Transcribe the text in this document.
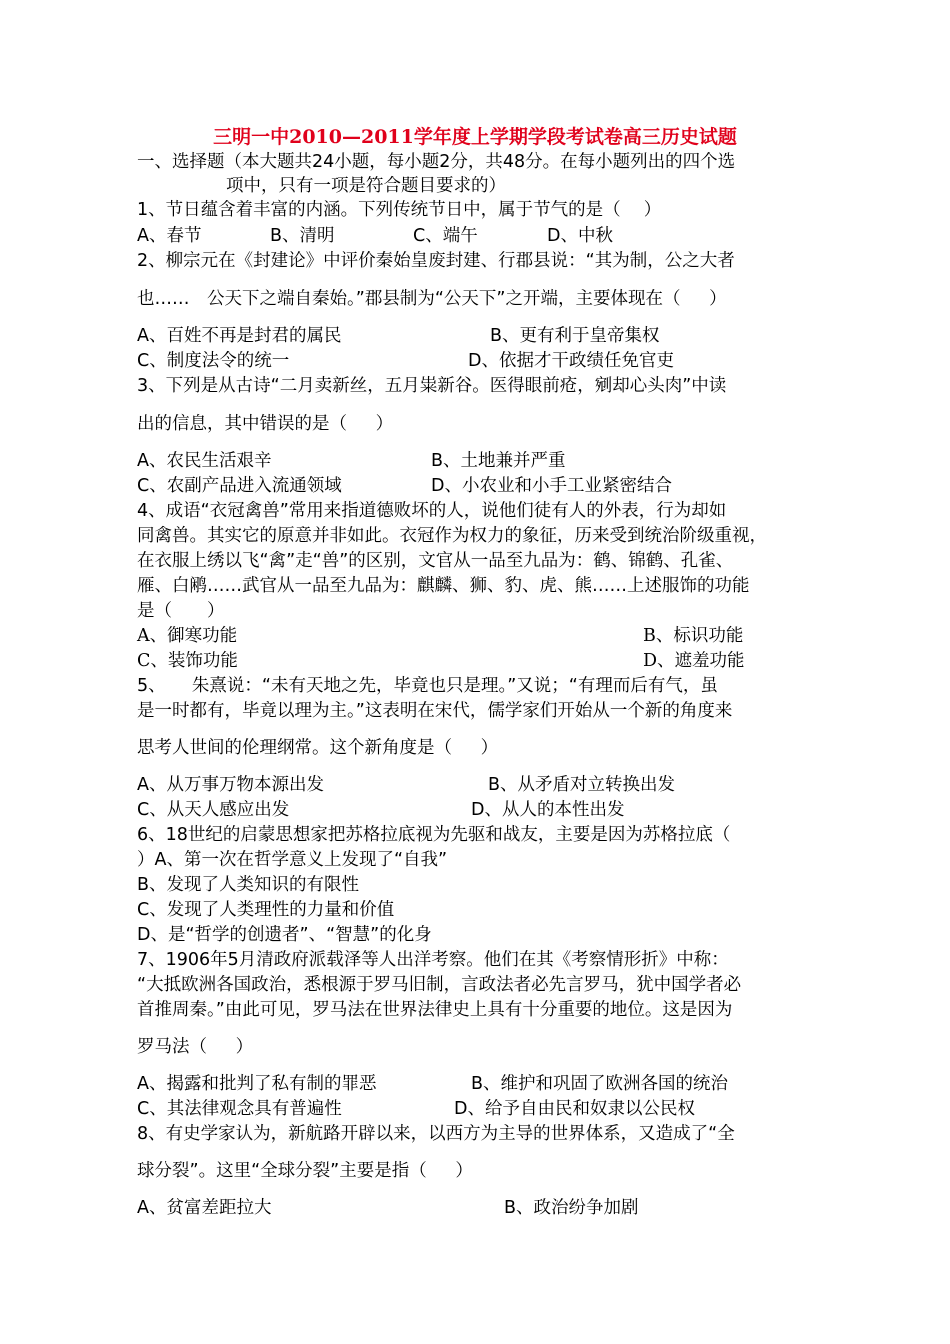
三明一中2010—2011学年度上学期学段考试卷高三历史试题
一、选择题（本大题共24小题，每小题2分，共48分。在每小题列出的四个选
项中，只有一项是符合题目要求的）
1、节日蕴含着丰富的内涵。下列传统节日中，属于节气的是（　 ）
A、春节	B、清明	C、端午	D、中秋
2、柳宗元在《封建论》中评价秦始皇废封建、行郡县说：“其为制，公之大者
也……　公天下之端自秦始。”郡县制为“公天下”之开端，主要体现在（　  ）
A、百姓不再是封君的属民	B、更有利于皇帝集权
C、制度法令的统一	D、依据才干政绩任免官吏
3、下列是从古诗“二月卖新丝，五月粜新谷。医得眼前疮，剜却心头肉”中读
出的信息，其中错误的是（　  ）
A、农民生活艰辛	B、土地兼并严重
C、农副产品进入流通领域	D、小农业和小手工业紧密结合
4、成语“衣冠禽兽”常用来指道德败坏的人，说他们徒有人的外表，行为却如
同禽兽。其实它的原意并非如此。衣冠作为权力的象征，历来受到统治阶级重视，
在衣服上绣以飞“禽”走“兽”的区别，文官从一品至九品为：鹤、锦鹤、孔雀、
雁、白鹇……武官从一品至九品为：麒麟、狮、豹、虎、熊……上述服饰的功能
是（　　）
A、御寒功能	B、标识功能
C、装饰功能	D、遮羞功能
5、　　朱熹说：“未有天地之先，毕竟也只是理。”又说；“有理而后有气，虽
是一时都有，毕竟以理为主。”这表明在宋代，儒学家们开始从一个新的角度来
思考人世间的伦理纲常。这个新角度是（　  ）
A、从万事万物本源出发	B、从矛盾对立转换出发
C、从天人感应出发	D、从人的本性出发
6、18世纪的启蒙思想家把苏格拉底视为先驱和战友，主要是因为苏格拉底（
）A、第一次在哲学意义上发现了“自我”
B、发现了人类知识的有限性
C、发现了人类理性的力量和价值
D、是“哲学的创遗者”、“智慧”的化身
7、1906年5月清政府派载泽等人出洋考察。他们在其《考察情形折》中称：
“大抵欧洲各国政治，悉根源于罗马旧制，言政法者必先言罗马，犹中国学者必
首推周秦。”由此可见，罗马法在世界法律史上具有十分重要的地位。这是因为
罗马法（　  ）
A、揭露和批判了私有制的罪恶	B、维护和巩固了欧洲各国的统治
C、其法律观念具有普遍性	D、给予自由民和奴隶以公民权
8、有史学家认为，新航路开辟以来，以西方为主导的世界体系，又造成了“全
球分裂”。这里“全球分裂”主要是指（　  ）
A、贫富差距拉大	B、政治纷争加剧
